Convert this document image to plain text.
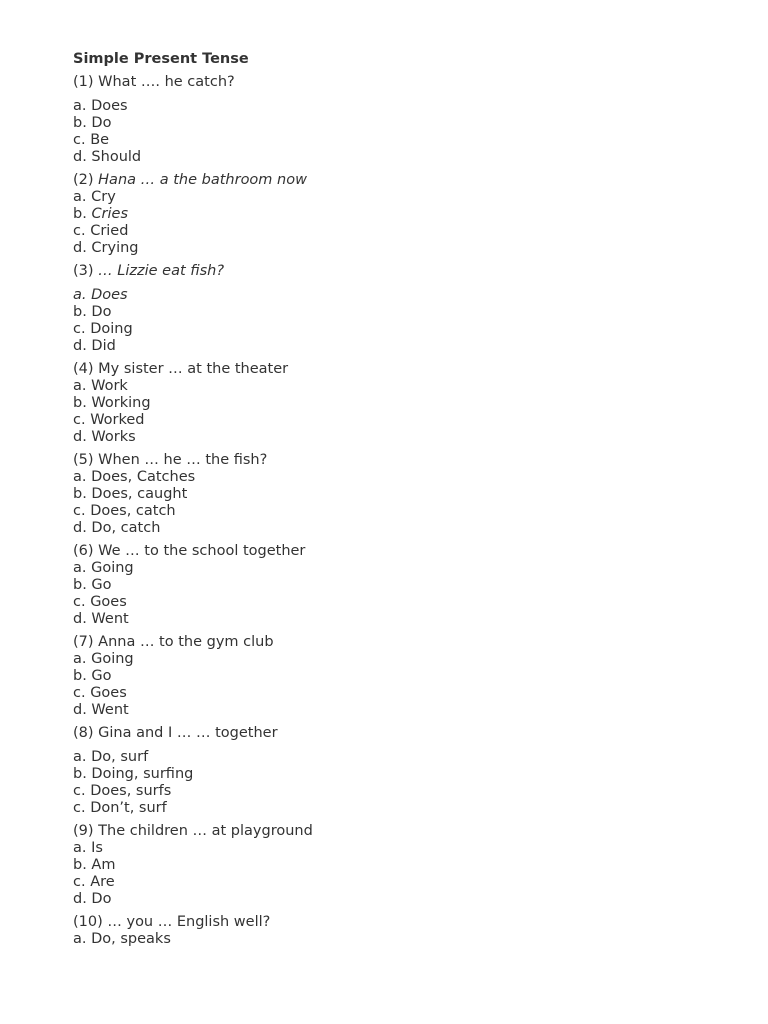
Simple Present Tense
(1) What …. he catch?
a. Does
b. Do
c. Be
d. Should
(2) Hana … a the bathroom now
a. Cry
b. Cries
c. Cried
d. Crying
(3) … Lizzie eat fish?
a. Does
b. Do
c. Doing
d. Did
(4) My sister … at the theater
a. Work
b. Working
c. Worked
d. Works
(5) When … he … the fish?
a. Does, Catches
b. Does, caught
c. Does, catch
d. Do, catch
(6) We … to the school together
a. Going
b. Go
c. Goes
d. Went
(7) Anna … to the gym club
a. Going
b. Go
c. Goes
d. Went
(8) Gina and I … … together
a. Do, surf
b. Doing, surfing
c. Does, surfs
c. Don’t, surf
(9) The children … at playground
a. Is
b. Am
c. Are
d. Do
(10) … you … English well?
a. Do, speaks
